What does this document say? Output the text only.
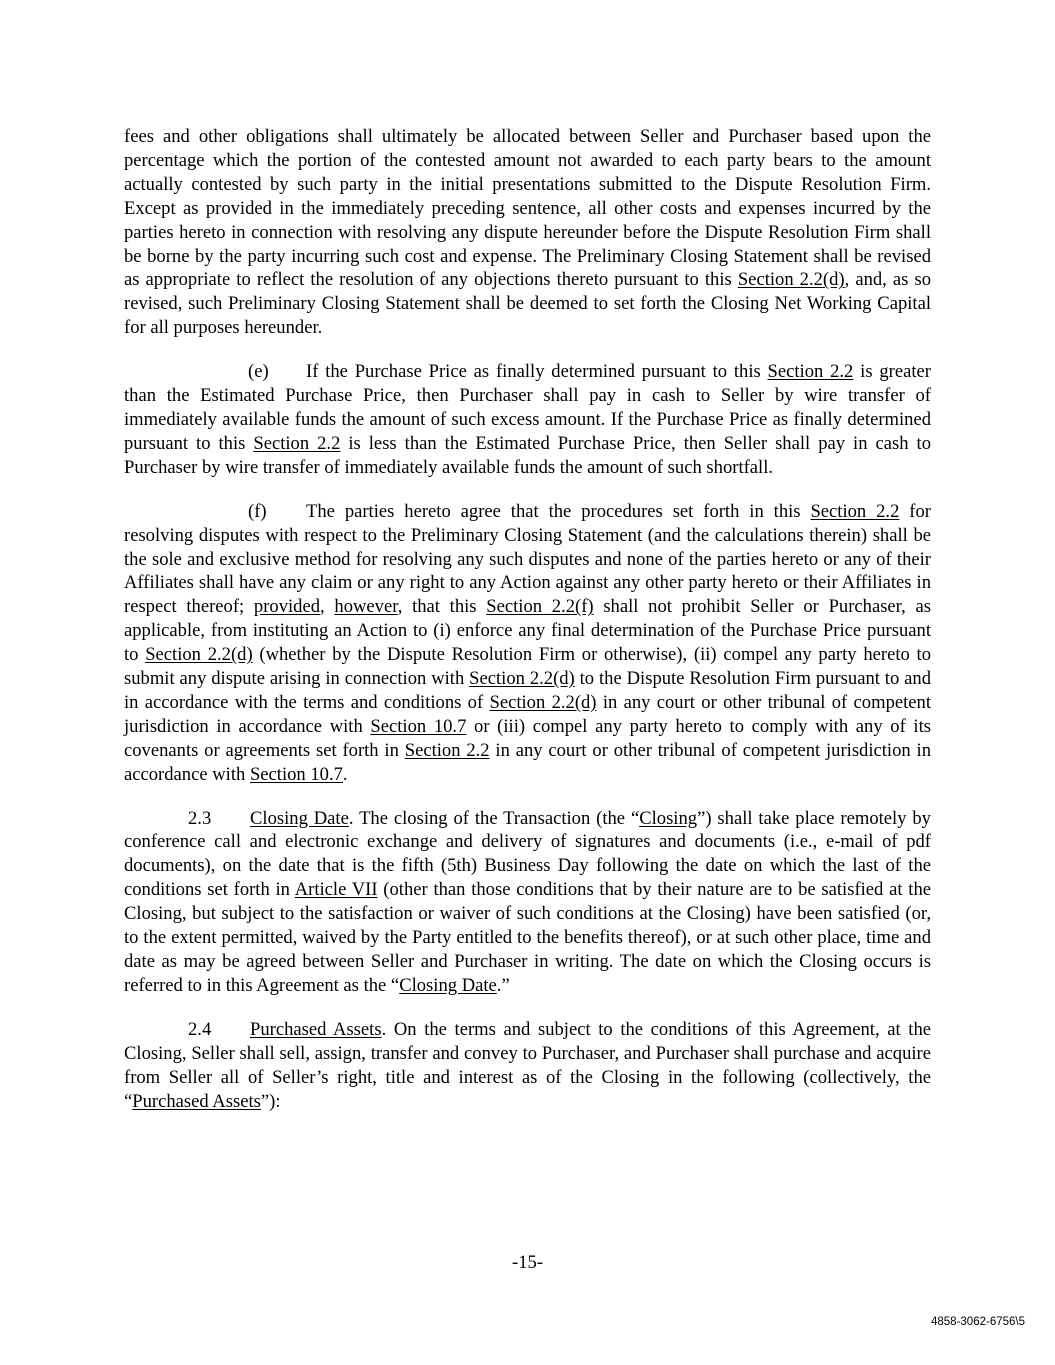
fees and other obligations shall ultimately be allocated between Seller and Purchaser based upon the percentage which the portion of the contested amount not awarded to each party bears to the amount actually contested by such party in the initial presentations submitted to the Dispute Resolution Firm. Except as provided in the immediately preceding sentence, all other costs and expenses incurred by the parties hereto in connection with resolving any dispute hereunder before the Dispute Resolution Firm shall be borne by the party incurring such cost and expense. The Preliminary Closing Statement shall be revised as appropriate to reflect the resolution of any objections thereto pursuant to this Section 2.2(d), and, as so revised, such Preliminary Closing Statement shall be deemed to set forth the Closing Net Working Capital for all purposes hereunder.

(e) If the Purchase Price as finally determined pursuant to this Section 2.2 is greater than the Estimated Purchase Price, then Purchaser shall pay in cash to Seller by wire transfer of immediately available funds the amount of such excess amount. If the Purchase Price as finally determined pursuant to this Section 2.2 is less than the Estimated Purchase Price, then Seller shall pay in cash to Purchaser by wire transfer of immediately available funds the amount of such shortfall.

(f) The parties hereto agree that the procedures set forth in this Section 2.2 for resolving disputes with respect to the Preliminary Closing Statement (and the calculations therein) shall be the sole and exclusive method for resolving any such disputes and none of the parties hereto or any of their Affiliates shall have any claim or any right to any Action against any other party hereto or their Affiliates in respect thereof; provided, however, that this Section 2.2(f) shall not prohibit Seller or Purchaser, as applicable, from instituting an Action to (i) enforce any final determination of the Purchase Price pursuant to Section 2.2(d) (whether by the Dispute Resolution Firm or otherwise), (ii) compel any party hereto to submit any dispute arising in connection with Section 2.2(d) to the Dispute Resolution Firm pursuant to and in accordance with the terms and conditions of Section 2.2(d) in any court or other tribunal of competent jurisdiction in accordance with Section 10.7 or (iii) compel any party hereto to comply with any of its covenants or agreements set forth in Section 2.2 in any court or other tribunal of competent jurisdiction in accordance with Section 10.7.

2.3 Closing Date. The closing of the Transaction (the “Closing”) shall take place remotely by conference call and electronic exchange and delivery of signatures and documents (i.e., e-mail of pdf documents), on the date that is the fifth (5th) Business Day following the date on which the last of the conditions set forth in Article VII (other than those conditions that by their nature are to be satisfied at the Closing, but subject to the satisfaction or waiver of such conditions at the Closing) have been satisfied (or, to the extent permitted, waived by the Party entitled to the benefits thereof), or at such other place, time and date as may be agreed between Seller and Purchaser in writing. The date on which the Closing occurs is referred to in this Agreement as the “Closing Date.”

2.4 Purchased Assets. On the terms and subject to the conditions of this Agreement, at the Closing, Seller shall sell, assign, transfer and convey to Purchaser, and Purchaser shall purchase and acquire from Seller all of Seller’s right, title and interest as of the Closing in the following (collectively, the “Purchased Assets”):

-15-
4858-3062-6756\5
